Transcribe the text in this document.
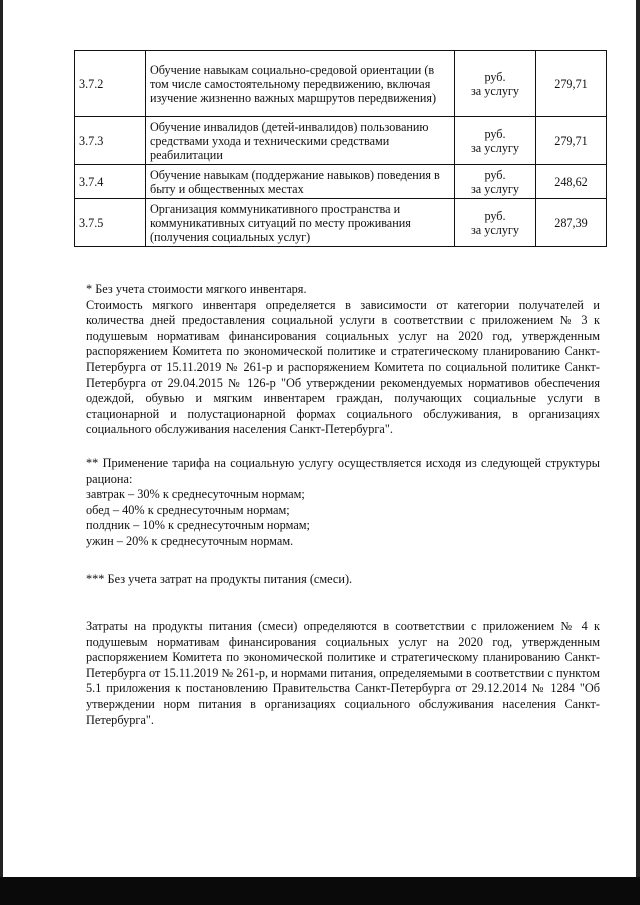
3.7.2	Обучение навыкам социально-средовой ориентации (в том числе самостоятельному передвижению, включая изучение жизненно важных маршрутов передвижения)	руб.
за услугу	279,71
3.7.3	Обучение инвалидов (детей-инвалидов) пользованию средствами ухода и техническими средствами реабилитации	руб.
за услугу	279,71
3.7.4	Обучение навыкам (поддержание навыков) поведения в быту и общественных местах	руб.
за услугу	248,62
3.7.5	Организация коммуникативного пространства и коммуникативных ситуаций по месту проживания (получения социальных услуг)	руб.
за услугу	287,39

* Без учета стоимости мягкого инвентаря.

Стоимость мягкого инвентаря определяется в зависимости от категории получателей и количества дней предоставления социальной услуги в соответствии с приложением № 3 к подушевым нормативам финансирования социальных услуг на 2020 год, утвержденным распоряжением Комитета по экономической политике и стратегическому планированию Санкт-Петербурга от 15.11.2019 № 261-р и распоряжением Комитета по социальной политике Санкт-Петербурга от 29.04.2015 № 126-р "Об утверждении рекомендуемых нормативов обеспечения одеждой, обувью и мягким инвентарем граждан, получающих социальные услуги в стационарной и полустационарной формах социального обслуживания, в организациях социального обслуживания населения Санкт-Петербурга".

** Применение тарифа на социальную услугу осуществляется исходя из следующей структуры рациона:

завтрак – 30% к среднесуточным нормам;

обед – 40% к среднесуточным нормам;

полдник – 10% к среднесуточным нормам;

ужин – 20% к среднесуточным нормам.

*** Без учета затрат на продукты питания (смеси).

Затраты на продукты питания (смеси) определяются в соответствии с приложением № 4 к подушевым нормативам финансирования социальных услуг на 2020 год, утвержденным распоряжением Комитета по экономической политике и стратегическому планированию Санкт-Петербурга от 15.11.2019 № 261-р, и нормами питания, определяемыми в соответствии с пунктом 5.1 приложения к постановлению Правительства Санкт-Петербурга от 29.12.2014 № 1284 "Об утверждении норм питания в организациях социального обслуживания населения Санкт-Петербурга".
